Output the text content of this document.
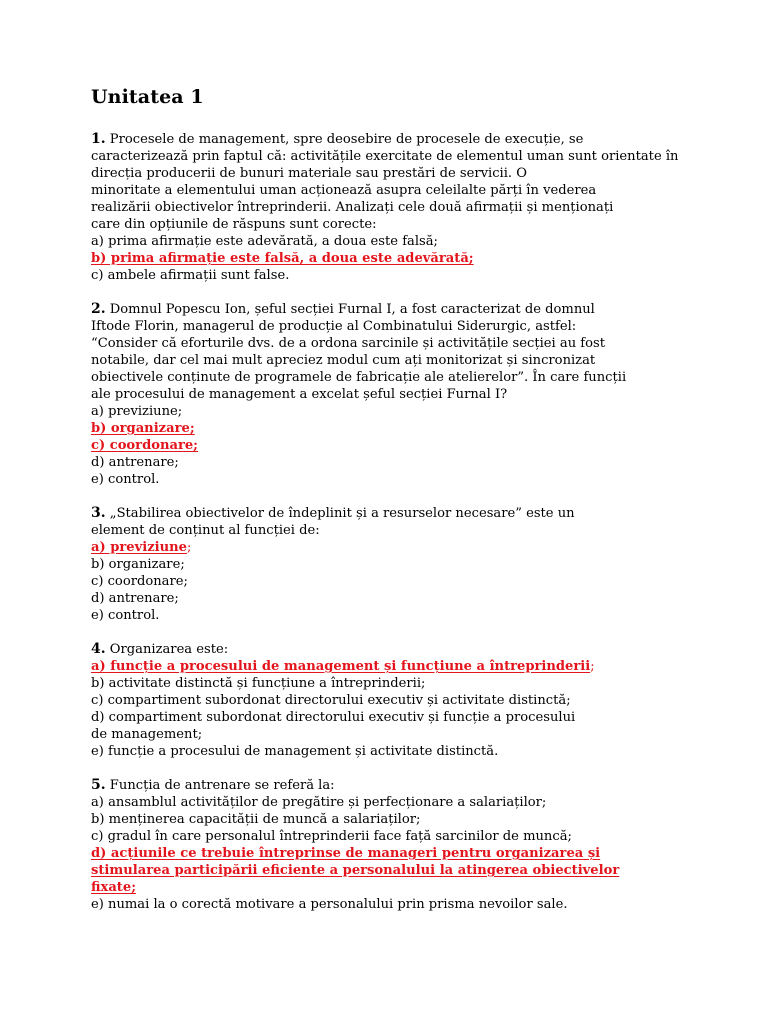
Unitatea 1

1. Procesele de management, spre deosebire de procesele de execuție, se

caracterizează prin faptul că: activitățile exercitate de elementul uman sunt orientate în

direcția producerii de bunuri materiale sau prestări de servicii. O

minoritate a elementului uman acționează asupra celeilalte părți în vederea

realizării obiectivelor întreprinderii. Analizați cele două afirmații și menționați

care din opțiunile de răspuns sunt corecte:

a) prima afirmație este adevărată, a doua este falsă;
b) prima afirmație este falsă, a doua este adevărată;
c) ambele afirmații sunt false.

2. Domnul Popescu Ion, șeful secției Furnal I, a fost caracterizat de domnul

Iftode Florin, managerul de producție al Combinatului Siderurgic, astfel:

“Consider că eforturile dvs. de a ordona sarcinile și activitățile secției au fost

notabile, dar cel mai mult apreciez modul cum ați monitorizat și sincronizat

obiectivele conținute de programele de fabricație ale atelierelor”. În care funcții

ale procesului de management a excelat șeful secției Furnal I?

a) previziune;
b) organizare;
c) coordonare;
d) antrenare;
e) control.

3. „Stabilirea obiectivelor de îndeplinit și a resurselor necesare” este un

element de conținut al funcției de:

a) previziune;
b) organizare;
c) coordonare;
d) antrenare;
e) control.

4. Organizarea este:

a) funcție a procesului de management și funcțiune a întreprinderii;
b) activitate distinctă și funcțiune a întreprinderii;
c) compartiment subordonat directorului executiv și activitate distinctă;
d) compartiment subordonat directorului executiv și funcție a procesului
de management;
e) funcție a procesului de management și activitate distinctă.

5. Funcția de antrenare se referă la:

a) ansamblul activităților de pregătire și perfecționare a salariaților;
b) menținerea capacității de muncă a salariaților;
c) gradul în care personalul întreprinderii face față sarcinilor de muncă;
d) acțiunile ce trebuie întreprinse de manageri pentru organizarea și
stimularea participării eficiente a personalului la atingerea obiectivelor
fixate;
e) numai la o corectă motivare a personalului prin prisma nevoilor sale.
